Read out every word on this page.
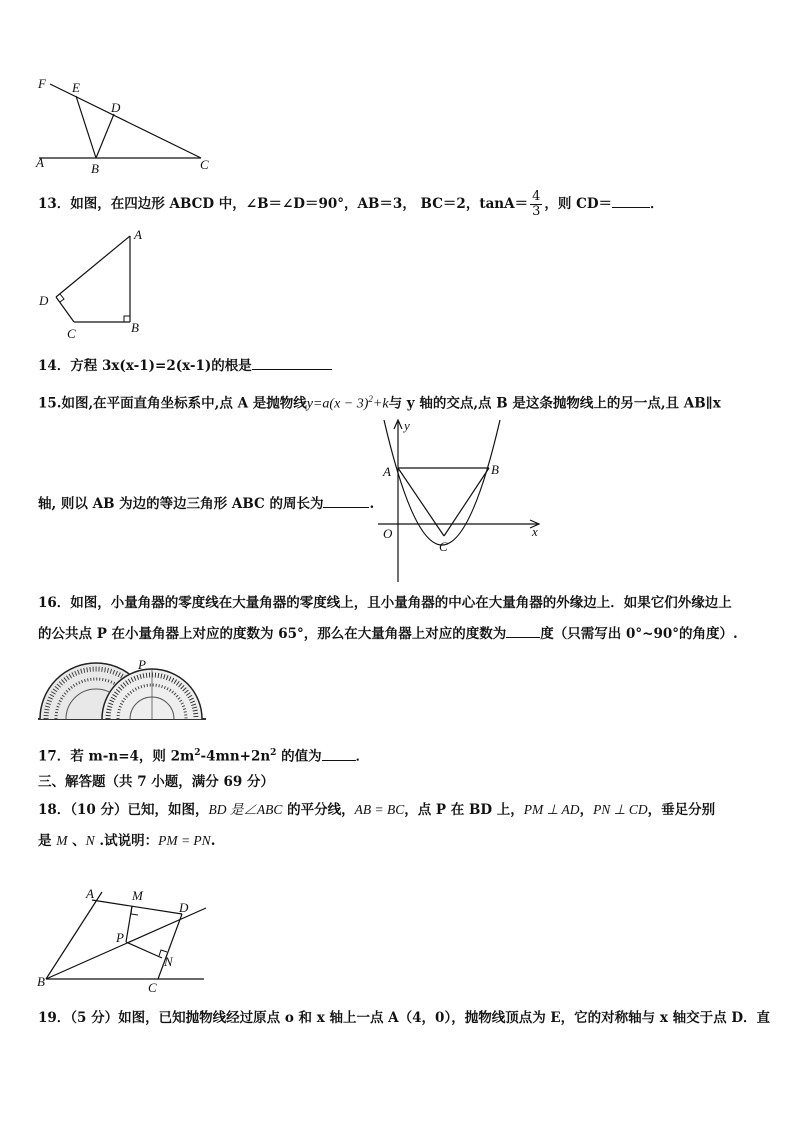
F E
D
A	B	C
13．如图，在四边形 ABCD 中，∠B＝∠D＝90°，AB＝3， BC＝2，$\tan A= \frac{4}{3}$ ，则 CD＝	．
A
D
C	B
14．方程 3x(x-1)=2(x-1)的根是
15.如图,在平面直角坐标系中,点 A 是抛物线$y=a(x - 3)^2+k$与 y 轴的交点,点 B 是这条抛物线上的另一点,且 AB∥x
轴, 则以 AB 为边的等边三角形 ABC 的周长为	.
y
x
A	B
O
C
16．如图，小量角器的零度线在大量角器的零度线上，且小量角器的中心在大量角器的外缘边上．如果它们外缘边上
的公共点 P 在小量角器上对应的度数为 65°，那么在大量角器上对应的度数为	度（只需写出 0°~90°的角度）.
P
17．若 m-n=4，则 $2m^2-4mn+2n^2$ 的值为	．
三、解答题（共 7 小题，满分 69 分）
18．（10 分）已知，如图，BD 是∠ABC 的平分线，AB = BC，点 P 在 BD 上，PM ⊥ AD，PN ⊥ CD，垂足分别
是 M 、N .试说明：PM = PN.
A	M
D
P
N
B	C
19．（5 分）如图，已知抛物线经过原点 o 和 x 轴上一点 A（4，0），抛物线顶点为 E，它的对称轴与 x 轴交于点 D．直
